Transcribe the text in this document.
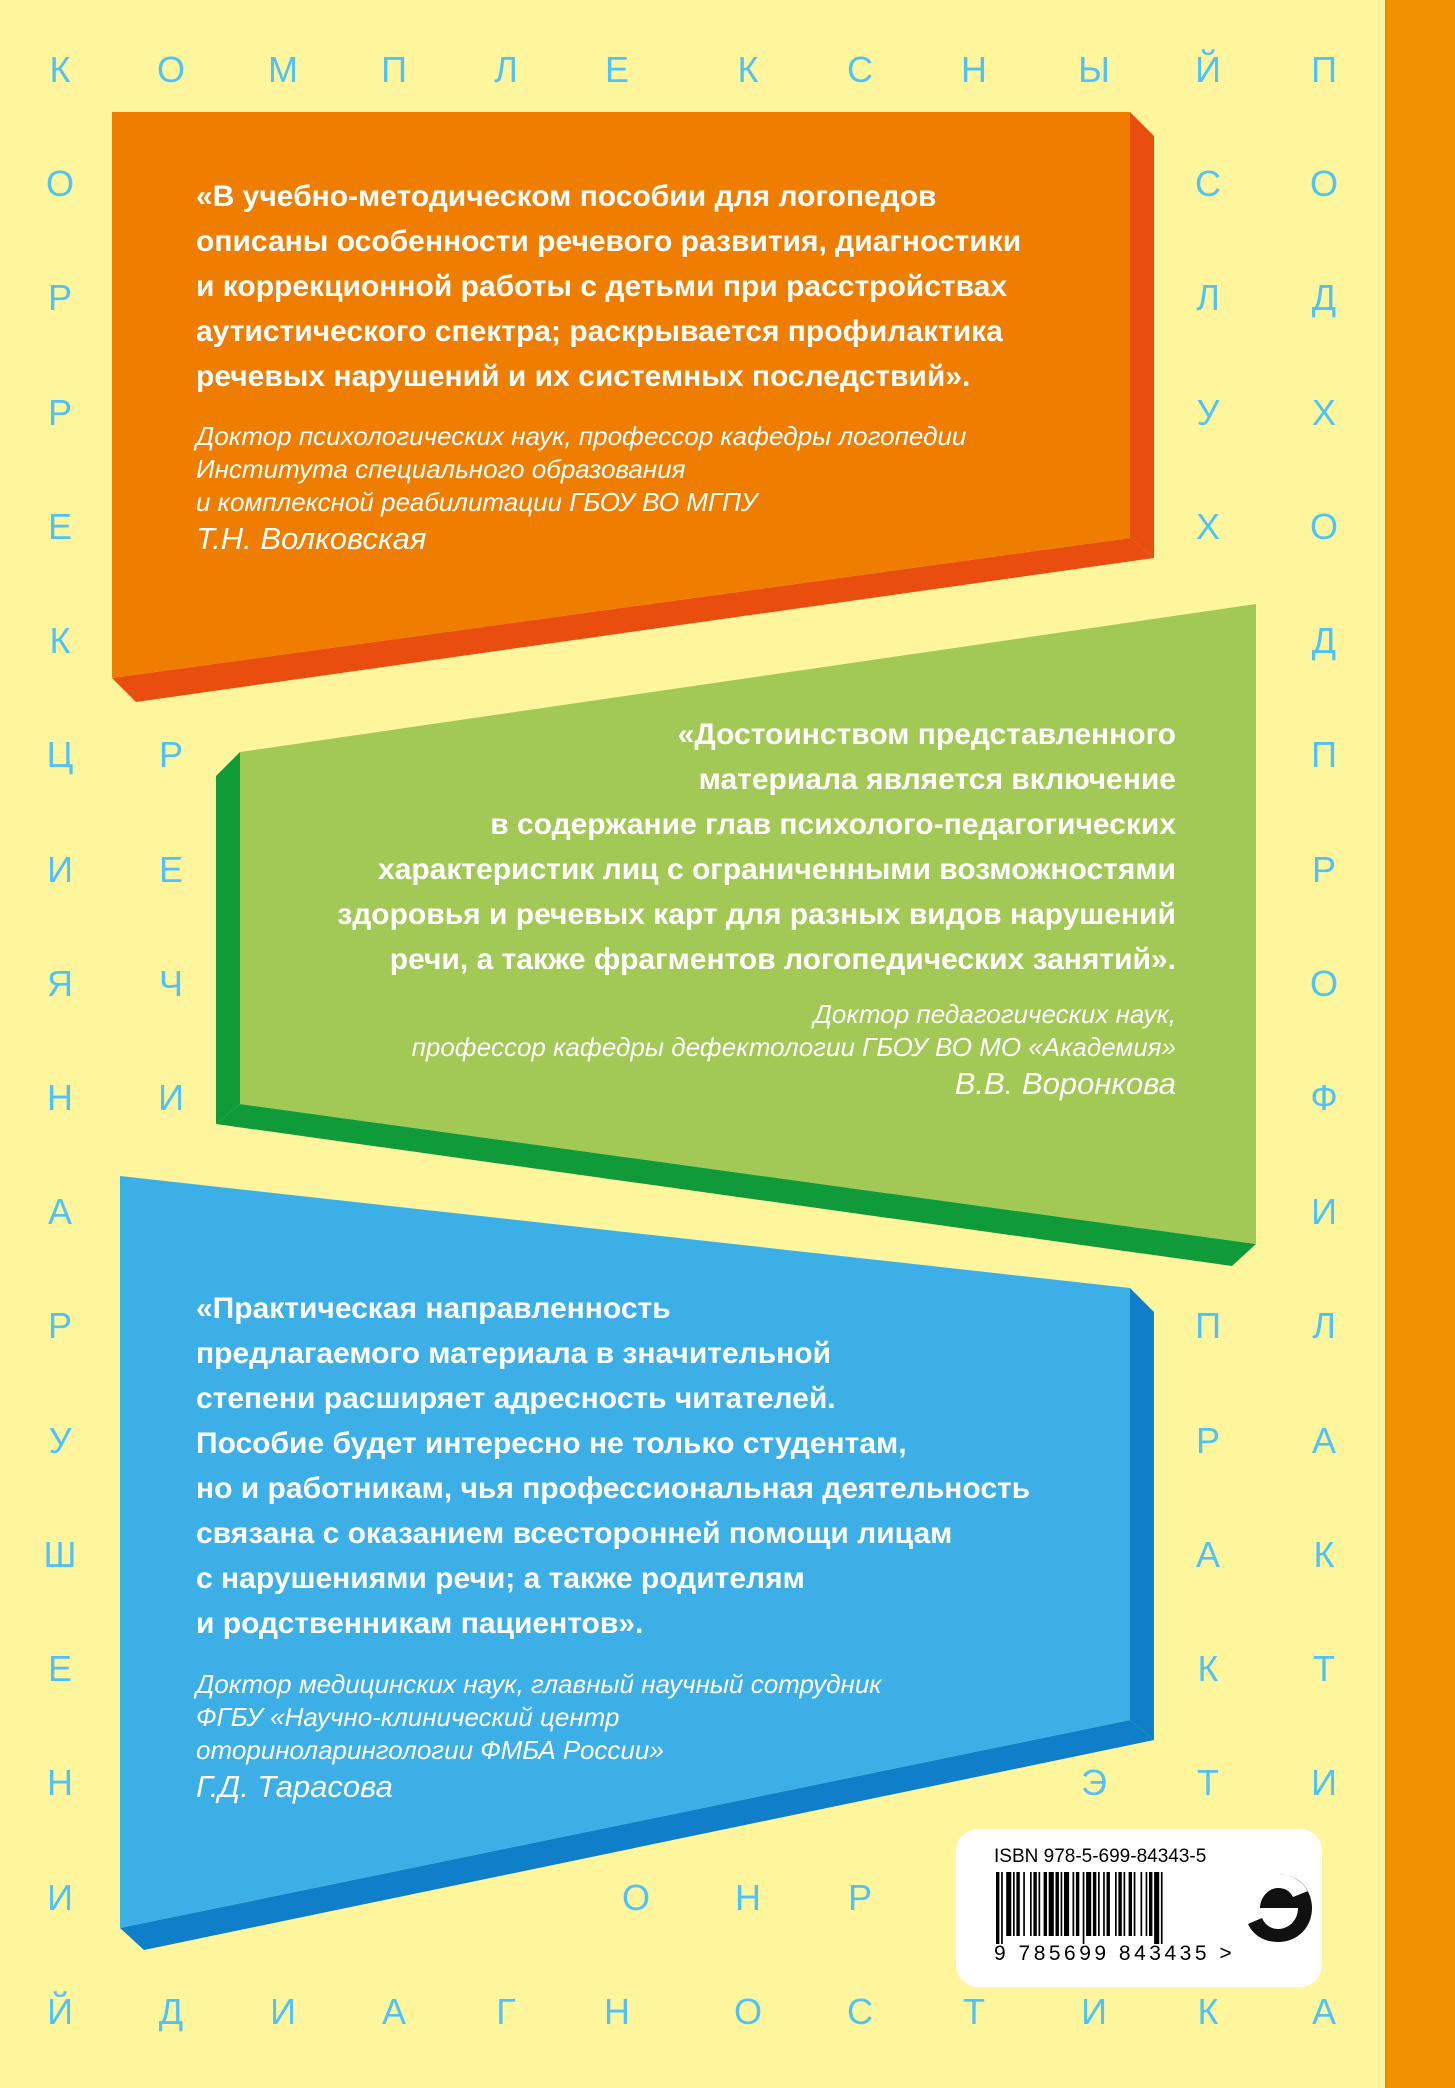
К	О	М	П	Л	Е	К	С	Н	Ы	Й	П
О	С	О
Р	Л	Д
Р	У	Х
Е	Х	О
К	Д
Ц	Р	П
И	Е	Р
Я	Ч	О
Н	И	Ф
А	И
Р	П	Л
У	Р	А
Ш	А	К
Е	К	Т
Н	Э	Т	И
И	О	Н	Р
Й	Д	И	А	Г	Н	О	С	Т	И	К	А

«В учебно-методическом пособии для логопедов
описаны особенности речевого развития, диагностики
и коррекционной работы с детьми при расстройствах
аутистического спектра; раскрывается профилактика
речевых нарушений и их системных последствий».

Доктор психологических наук, профессор кафедры логопедии
Института специального образования
и комплексной реабилитации ГБОУ ВО МГПУ

Т.Н. Волковская

«Достоинством представленного
материала является включение
в содержание глав психолого-педагогических
характеристик лиц с ограниченными возможностями
здоровья и речевых карт для разных видов нарушений
речи, а также фрагментов логопедических занятий».

Доктор педагогических наук,
профессор кафедры дефектологии ГБОУ ВО МО «Академия»

В.В. Воронкова

«Практическая направленность
предлагаемого материала в значительной
степени расширяет адресность читателей.
Пособие будет интересно не только студентам,
но и работникам, чья профессиональная деятельность
связана с оказанием всесторонней помощи лицам
с нарушениями речи; а также родителям
и родственникам пациентов».

Доктор медицинских наук, главный научный сотрудник
ФГБУ «Научно-клинический центр
оториноларингологии ФМБА России»

Г.Д. Тарасова
ISBN 978-5-699-84343-5
9 785699 843435 >
